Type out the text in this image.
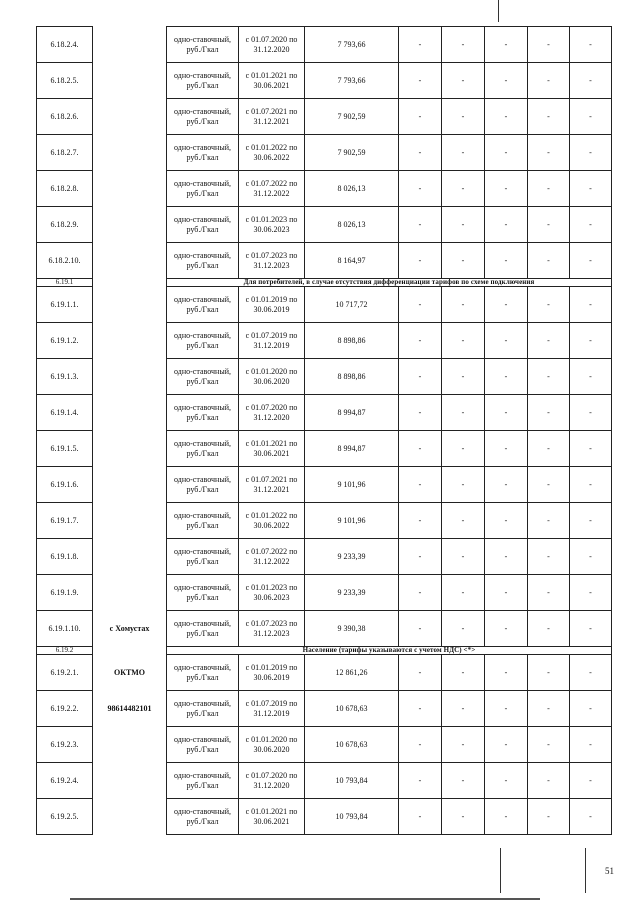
6.18.2.4.		одно-ставочный, руб./Гкал	с 01.07.2020 по 31.12.2020	7 793,66	-	-	-	-	-
6.18.2.5.		одно-ставочный, руб./Гкал	с 01.01.2021 по 30.06.2021	7 793,66	-	-	-	-	-
6.18.2.6.		одно-ставочный, руб./Гкал	с 01.07.2021 по 31.12.2021	7 902,59	-	-	-	-	-
6.18.2.7.		одно-ставочный, руб./Гкал	с 01.01.2022 по 30.06.2022	7 902,59	-	-	-	-	-
6.18.2.8.		одно-ставочный, руб./Гкал	с 01.07.2022 по 31.12.2022	8 026,13	-	-	-	-	-
6.18.2.9.		одно-ставочный, руб./Гкал	с 01.01.2023 по 30.06.2023	8 026,13	-	-	-	-	-
6.18.2.10.		одно-ставочный, руб./Гкал	с 01.07.2023 по 31.12.2023	8 164,97	-	-	-	-	-
6.19.1		Для потребителей, в случае отсутствия дифференциации тарифов по схеме подключения							
6.19.1.1.		одно-ставочный, руб./Гкал	с 01.01.2019 по 30.06.2019	10 717,72	-	-	-	-	-
6.19.1.2.		одно-ставочный, руб./Гкал	с 01.07.2019 по 31.12.2019	8 898,86	-	-	-	-	-
6.19.1.3.		одно-ставочный, руб./Гкал	с 01.01.2020 по 30.06.2020	8 898,86	-	-	-	-	-
6.19.1.4.		одно-ставочный, руб./Гкал	с 01.07.2020 по 31.12.2020	8 994,87	-	-	-	-	-
6.19.1.5.		одно-ставочный, руб./Гкал	с 01.01.2021 по 30.06.2021	8 994,87	-	-	-	-	-
6.19.1.6.		одно-ставочный, руб./Гкал	с 01.07.2021 по 31.12.2021	9 101,96	-	-	-	-	-
6.19.1.7.		одно-ставочный, руб./Гкал	с 01.01.2022 по 30.06.2022	9 101,96	-	-	-	-	-
6.19.1.8.		одно-ставочный, руб./Гкал	с 01.07.2022 по 31.12.2022	9 233,39	-	-	-	-	-
6.19.1.9.		одно-ставочный, руб./Гкал	с 01.01.2023 по 30.06.2023	9 233,39	-	-	-	-	-
6.19.1.10.	с Хомустах	одно-ставочный, руб./Гкал	с 01.07.2023 по 31.12.2023	9 390,38	-	-	-	-	-
6.19.2		Население (тарифы указываются с учетом НДС) <*>							
6.19.2.1.	ОКТМО	одно-ставочный, руб./Гкал	с 01.01.2019 по 30.06.2019	12 861,26	-	-	-	-	-
6.19.2.2.	98614482101	одно-ставочный, руб./Гкал	с 01.07.2019 по 31.12.2019	10 678,63	-	-	-	-	-
6.19.2.3.		одно-ставочный, руб./Гкал	с 01.01.2020 по 30.06.2020	10 678,63	-	-	-	-	-
6.19.2.4.		одно-ставочный, руб./Гкал	с 01.07.2020 по 31.12.2020	10 793,84	-	-	-	-	-
6.19.2.5.		одно-ставочный, руб./Гкал	с 01.01.2021 по 30.06.2021	10 793,84	-	-	-	-	-
51
